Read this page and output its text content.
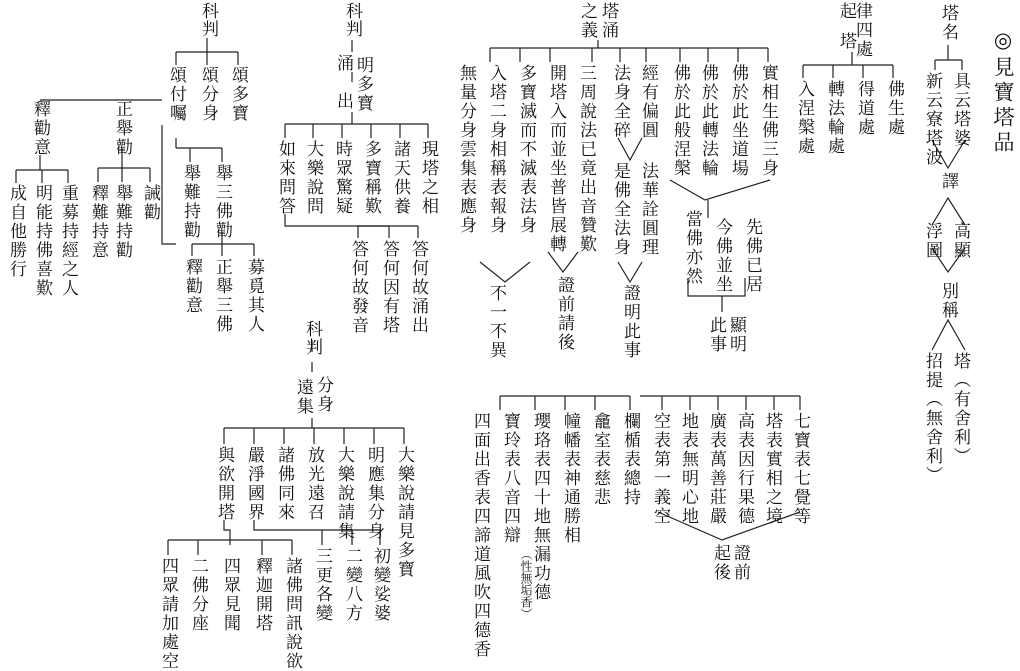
◎見寶塔品
塔名
新云寮塔波 具云塔婆
譯
浮圖 高顯
別稱
招提（無舍利） 塔（有舍利）
起
律四處
塔
佛生處
得道處
轉法輪處
入涅槃處
塔涌
之義
實相生佛三身
佛於此坐道場
佛於此轉法輪
佛於此般涅槃
先佛已居
今佛並坐
當佛亦然
顯明
此事
經有偏圓
法身全碎
法華詮圓理
是佛全法身
證明此事
三周說法已竟出音贊歎
開塔入而並坐普皆展轉
證前請後
多寶滅而不滅表法身
入塔二身相稱表報身
無量分身雲集表應身
不一不異
七寶表七覺等
塔表實相之境
高表因行果德
廣表萬善莊嚴
地表無明心地
空表第一義空
證前
起後
欄楯表總持
龕室表慈悲
幢幡表神通勝相
瓔珞表四十地無漏功德
寶玲表八音四辯
（性無垢香）
四面出香表四諦道風吹四德香
科
判
頌多寶
頌分身
頌付囑
舉三佛勸
舉難持勸
募覓其人
正舉三佛
釋勸意
正舉勸
釋勸意
誡勸
舉難持勸
釋難持意
重募持經之人
明能持佛喜歎
成自他勝行
科
判
涌 明多寶
出
現塔之相
諸天供養
多寶稱歎
時眾驚疑
大樂說問
如來問答
答何故涌出
答何因有塔
答何故發音
科
判
分身
遠集
大樂說請見多寶
明應集分身
大樂說請集
放光遠召
諸佛同來
嚴淨國界
與欲開塔
初變娑婆
二變八方
三更各變
諸佛問訊說欲
釋迦開塔
四眾見聞
二佛分座
四眾請加處空
